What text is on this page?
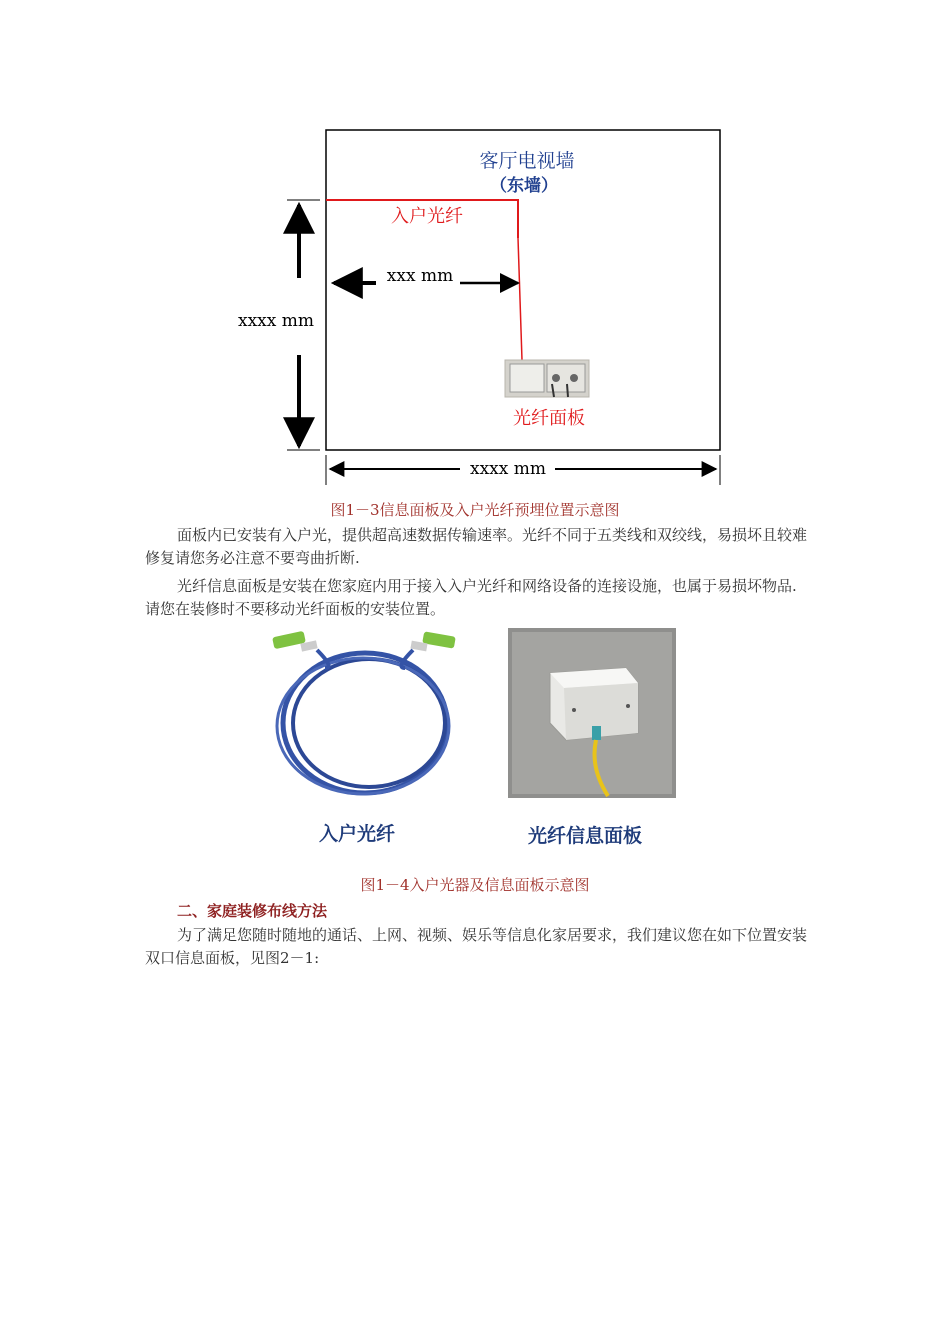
客厅电视墙
（东墙）
入户光纤
xxx mm
xxxx mm
xxxx mm
光纤面板
图1－3信息面板及入户光纤预埋位置示意图
面板内已安装有入户光，提供超高速数据传输速率。光纤不同于五类线和双绞线，易损坏且较难修复请您务必注意不要弯曲折断.
光纤信息面板是安装在您家庭内用于接入入户光纤和网络设备的连接设施，也属于易损坏物品.请您在装修时不要移动光纤面板的安装位置。
入户光纤	光纤信息面板
图1－4入户光器及信息面板示意图
二、家庭装修布线方法
为了满足您随时随地的通话、上网、视频、娱乐等信息化家居要求，我们建议您在如下位置安装双口信息面板，见图2－1:
